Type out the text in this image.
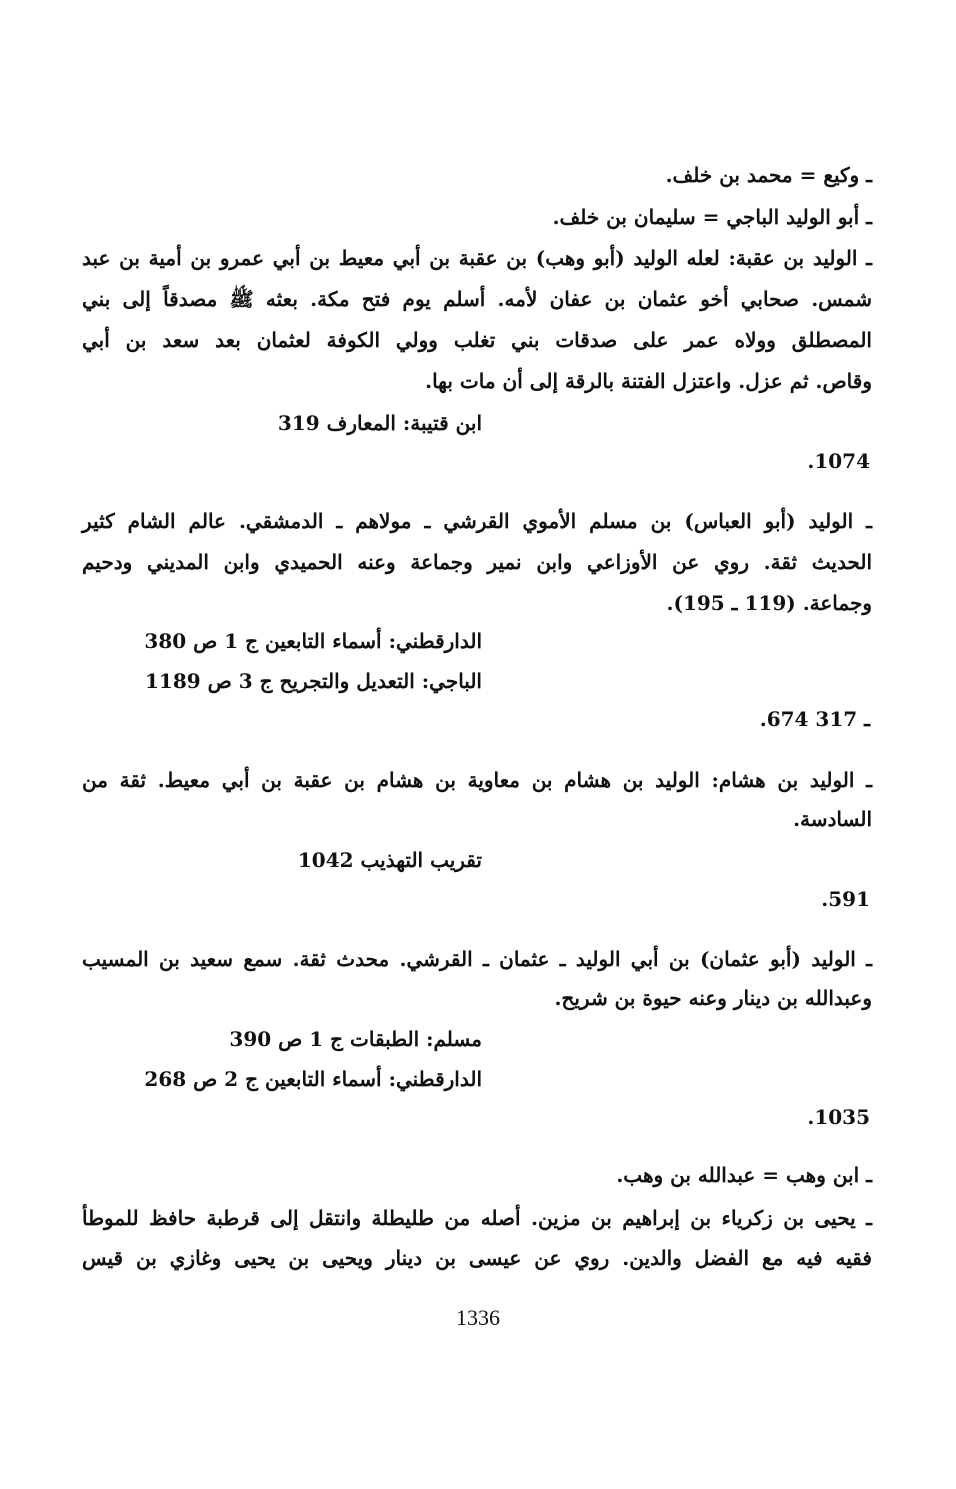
ـ وكيع = محمد بن خلف.
ـ أبو الوليد الباجي = سليمان بن خلف.
ـ الوليد بن عقبة: لعله الوليد (أبو وهب) بن عقبة بن أبي معيط بن أبي عمرو بن أمية بن عبد
شمس. صحابي أخو عثمان بن عفان لأمه. أسلم يوم فتح مكة. بعثه ﷺ مصدقاً إلى بني
المصطلق وولاه عمر على صدقات بني تغلب وولي الكوفة لعثمان بعد سعد بن أبي
وقاص. ثم عزل. واعتزل الفتنة بالرقة إلى أن مات بها.
ابن قتيبة: المعارف 319
.1074
ـ الوليد (أبو العباس) بن مسلم الأموي القرشي ـ مولاهم ـ الدمشقي. عالم الشام كثير
الحديث ثقة. روي عن الأوزاعي وابن نمير وجماعة وعنه الحميدي وابن المديني ودحيم
وجماعة. (119 ـ 195).
الدارقطني: أسماء التابعين ج 1 ص 380
الباجي: التعديل والتجريح ج 3 ص 1189
.674 ـ 317
ـ الوليد بن هشام: الوليد بن هشام بن معاوية بن هشام بن عقبة بن أبي معيط. ثقة من
السادسة.
تقريب التهذيب 1042
.591
ـ الوليد (أبو عثمان) بن أبي الوليد ـ عثمان ـ القرشي. محدث ثقة. سمع سعيد بن المسيب
وعبدالله بن دينار وعنه حيوة بن شريح.
مسلم: الطبقات ج 1 ص 390
الدارقطني: أسماء التابعين ج 2 ص 268
.1035
ـ ابن وهب = عبدالله بن وهب.
ـ يحيى بن زكرياء بن إبراهيم بن مزين. أصله من طليطلة وانتقل إلى قرطبة حافظ للموطأ
فقيه فيه مع الفضل والدين. روي عن عيسى بن دينار ويحيى بن يحيى وغازي بن قيس
1336
